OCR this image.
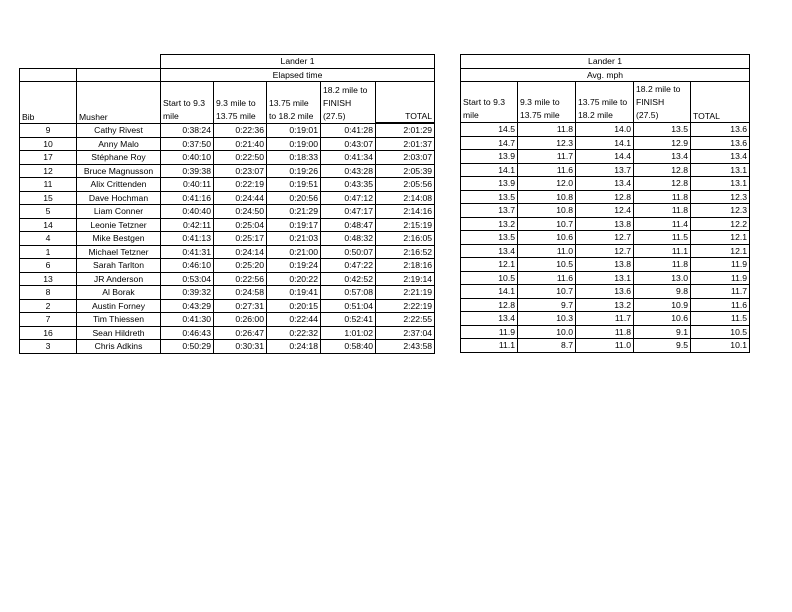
		Lander 1				
		Elapsed time				
Bib	Musher	Start to 9.3 mile	9.3 mile to 13.75 mile	13.75 mile to 18.2 mile	18.2 mile to FINISH (27.5)	TOTAL
9	Cathy Rivest	0:38:24	0:22:36	0:19:01	0:41:28	2:01:29
10	Anny Malo	0:37:50	0:21:40	0:19:00	0:43:07	2:01:37
17	Stéphane Roy	0:40:10	0:22:50	0:18:33	0:41:34	2:03:07
12	Bruce Magnusson	0:39:38	0:23:07	0:19:26	0:43:28	2:05:39
11	Alix Crittenden	0:40:11	0:22:19	0:19:51	0:43:35	2:05:56
15	Dave Hochman	0:41:16	0:24:44	0:20:56	0:47:12	2:14:08
5	Liam Conner	0:40:40	0:24:50	0:21:29	0:47:17	2:14:16
14	Leonie Tetzner	0:42:11	0:25:04	0:19:17	0:48:47	2:15:19
4	Mike Bestgen	0:41:13	0:25:17	0:21:03	0:48:32	2:16:05
1	Michael Tetzner	0:41:31	0:24:14	0:21:00	0:50:07	2:16:52
6	Sarah Tarlton	0:46:10	0:25:20	0:19:24	0:47:22	2:18:16
13	JR Anderson	0:53:04	0:22:56	0:20:22	0:42:52	2:19:14
8	Al Borak	0:39:32	0:24:58	0:19:41	0:57:08	2:21:19
2	Austin Forney	0:43:29	0:27:31	0:20:15	0:51:04	2:22:19
7	Tim Thiessen	0:41:30	0:26:00	0:22:44	0:52:41	2:22:55
16	Sean Hildreth	0:46:43	0:26:47	0:22:32	1:01:02	2:37:04
3	Chris Adkins	0:50:29	0:30:31	0:24:18	0:58:40	2:43:58
Lander 1				
Avg. mph				
Start to 9.3 mile	9.3 mile to 13.75 mile	13.75 mile to 18.2 mile	18.2 mile to FINISH (27.5)	TOTAL
14.5	11.8	14.0	13.5	13.6
14.7	12.3	14.1	12.9	13.6
13.9	11.7	14.4	13.4	13.4
14.1	11.6	13.7	12.8	13.1
13.9	12.0	13.4	12.8	13.1
13.5	10.8	12.8	11.8	12.3
13.7	10.8	12.4	11.8	12.3
13.2	10.7	13.8	11.4	12.2
13.5	10.6	12.7	11.5	12.1
13.4	11.0	12.7	11.1	12.1
12.1	10.5	13.8	11.8	11.9
10.5	11.6	13.1	13.0	11.9
14.1	10.7	13.6	9.8	11.7
12.8	9.7	13.2	10.9	11.6
13.4	10.3	11.7	10.6	11.5
11.9	10.0	11.8	9.1	10.5
11.1	8.7	11.0	9.5	10.1
